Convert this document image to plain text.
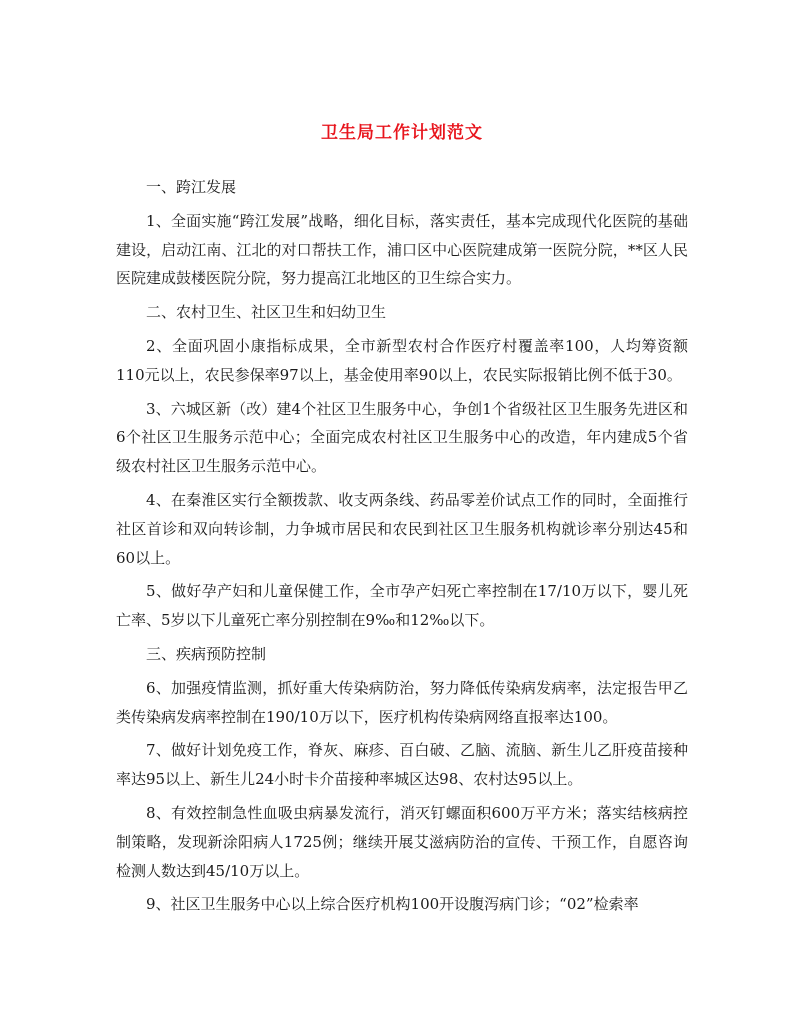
卫生局工作计划范文

一、跨江发展

1、全面实施“跨江发展”战略，细化目标，落实责任，基本完成现代化医院的基础建设，启动江南、江北的对口帮扶工作，浦口区中心医院建成第一医院分院，**区人民医院建成鼓楼医院分院，努力提高江北地区的卫生综合实力。

二、农村卫生、社区卫生和妇幼卫生

2、全面巩固小康指标成果，全市新型农村合作医疗村覆盖率100，人均筹资额110元以上，农民参保率97以上，基金使用率90以上，农民实际报销比例不低于30。

3、六城区新（改）建4个社区卫生服务中心，争创1个省级社区卫生服务先进区和6个社区卫生服务示范中心；全面完成农村社区卫生服务中心的改造，年内建成5个省级农村社区卫生服务示范中心。

4、在秦淮区实行全额拨款、收支两条线、药品零差价试点工作的同时，全面推行社区首诊和双向转诊制，力争城市居民和农民到社区卫生服务机构就诊率分别达45和60以上。

5、做好孕产妇和儿童保健工作，全市孕产妇死亡率控制在17/10万以下，婴儿死亡率、5岁以下儿童死亡率分别控制在9‰和12‰以下。

三、疾病预防控制

6、加强疫情监测，抓好重大传染病防治，努力降低传染病发病率，法定报告甲乙类传染病发病率控制在190/10万以下，医疗机构传染病网络直报率达100。

7、做好计划免疫工作，脊灰、麻疹、百白破、乙脑、流脑、新生儿乙肝疫苗接种率达95以上、新生儿24小时卡介苗接种率城区达98、农村达95以上。

8、有效控制急性血吸虫病暴发流行，消灭钉螺面积600万平方米；落实结核病控制策略，发现新涂阳病人1725例；继续开展艾滋病防治的宣传、干预工作，自愿咨询检测人数达到45/10万以上。

9、社区卫生服务中心以上综合医疗机构100开设腹泻病门诊；“02”检索率
